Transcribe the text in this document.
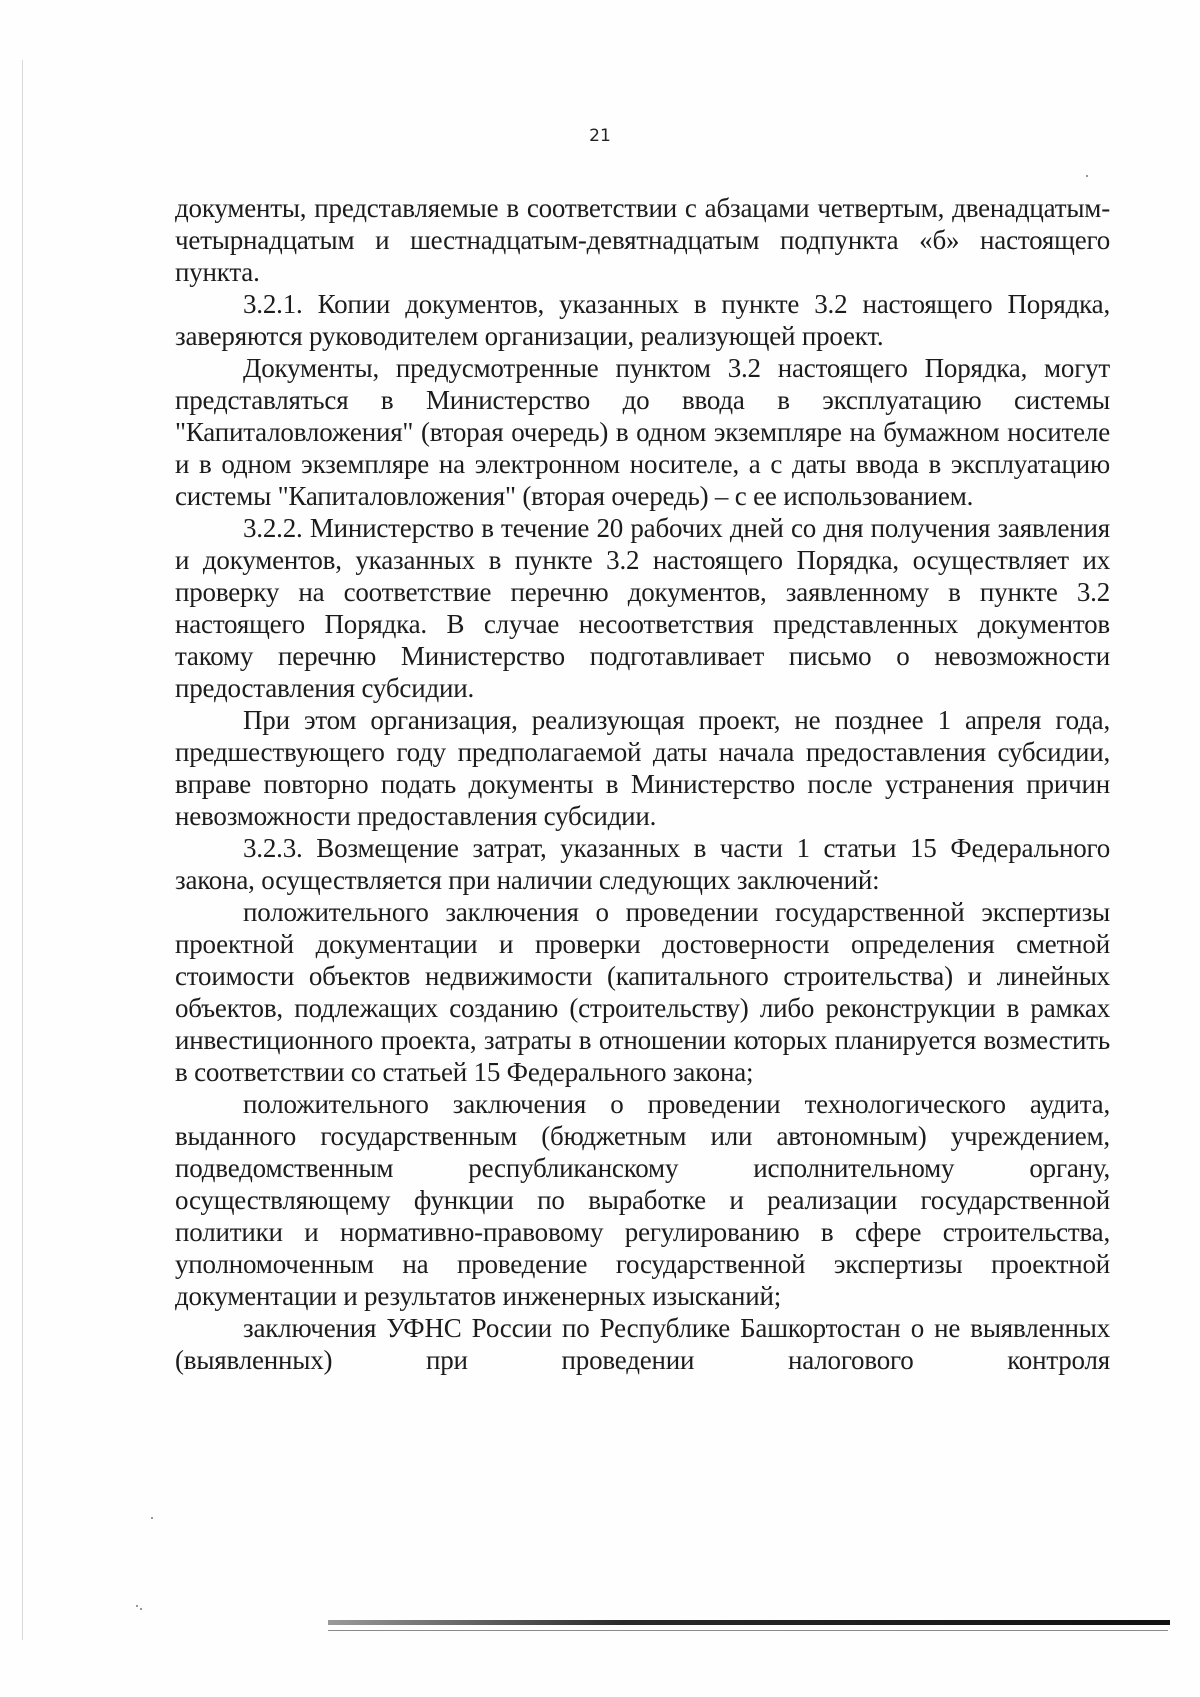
21

документы, представляемые в соответствии с абзацами четвертым, двенадцатым-четырнадцатым и шестнадцатым-девятнадцатым подпункта «б» настоящего пункта.

3.2.1. Копии документов, указанных в пункте 3.2 настоящего Порядка, заверяются руководителем организации, реализующей проект.

Документы, предусмотренные пунктом 3.2 настоящего Порядка, могут представляться в Министерство до ввода в эксплуатацию системы "Капиталовложения" (вторая очередь) в одном экземпляре на бумажном носителе и в одном экземпляре на электронном носителе, а с даты ввода в эксплуатацию системы "Капиталовложения" (вторая очередь) – с ее использованием.

3.2.2. Министерство в течение 20 рабочих дней со дня получения заявления и документов, указанных в пункте 3.2 настоящего Порядка, осуществляет их проверку на соответствие перечню документов, заявленному в пункте 3.2 настоящего Порядка. В случае несоответствия представленных документов такому перечню Министерство подготавливает письмо о невозможности предоставления субсидии.

При этом организация, реализующая проект, не позднее 1 апреля года, предшествующего году предполагаемой даты начала предоставления субсидии, вправе повторно подать документы в Министерство после устранения причин невозможности предоставления субсидии.

3.2.3. Возмещение затрат, указанных в части 1 статьи 15 Федерального закона, осуществляется при наличии следующих заключений:

положительного заключения о проведении государственной экспертизы проектной документации и проверки достоверности определения сметной стоимости объектов недвижимости (капитального строительства) и линейных объектов, подлежащих созданию (строительству) либо реконструкции в рамках инвестиционного проекта, затраты в отношении которых планируется возместить в соответствии со статьей 15 Федерального закона;

положительного заключения о проведении технологического аудита, выданного государственным (бюджетным или автономным) учреждением, подведомственным республиканскому исполнительному органу, осуществляющему функции по выработке и реализации государственной политики и нормативно-правовому регулированию в сфере строительства, уполномоченным на проведение государственной экспертизы проектной документации и результатов инженерных изысканий;

заключения УФНС России по Республике Башкортостан о не выявленных (выявленных) при проведении налогового контроля
